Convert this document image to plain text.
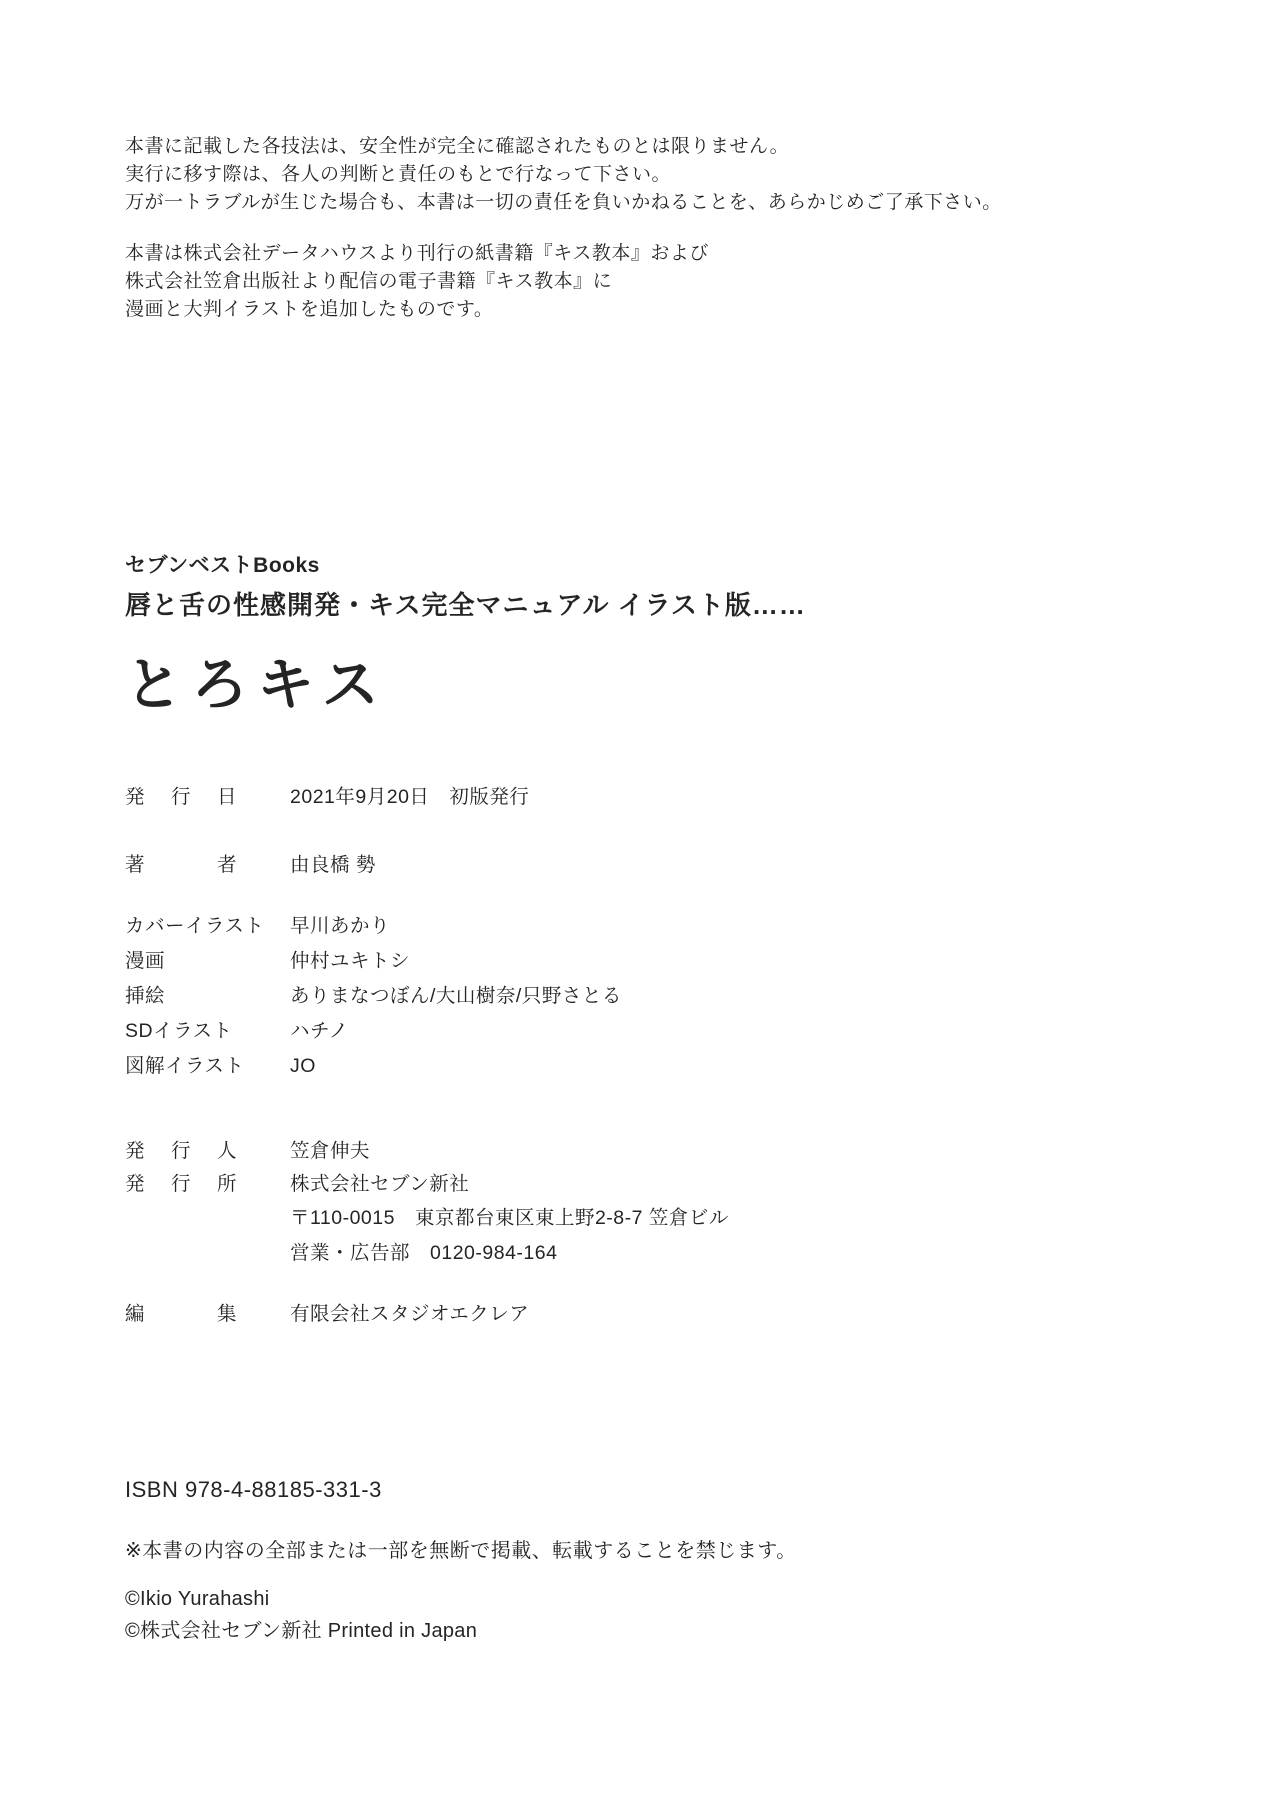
本書に記載した各技法は、安全性が完全に確認されたものとは限りません。
実行に移す際は、各人の判断と責任のもとで行なって下さい。
万が一トラブルが生じた場合も、本書は一切の責任を負いかねることを、あらかじめご了承下さい。
本書は株式会社データハウスより刊行の紙書籍『キス教本』および
株式会社笠倉出版社より配信の電子書籍『キス教本』に
漫画と大判イラストを追加したものです。
セブンベストBooks
唇と舌の性感開発・キス完全マニュアル イラスト版……
とろキス
発行日	2021年9月20日　初版発行
著者	由良橋 勢
カバーイラスト	早川あかり
漫画	仲村ユキトシ
挿絵	ありまなつぼん/大山樹奈/只野さとる
SDイラスト	ハチノ
図解イラスト	JO
発行人	笠倉伸夫
発行所	株式会社セブン新社
〒110-0015　東京都台東区東上野2-8-7 笠倉ビル
営業・広告部　0120-984-164
編集	有限会社スタジオエクレア
ISBN 978-4-88185-331-3
※本書の内容の全部または一部を無断で掲載、転載することを禁じます。
©Ikio Yurahashi
©株式会社セブン新社 Printed in Japan
